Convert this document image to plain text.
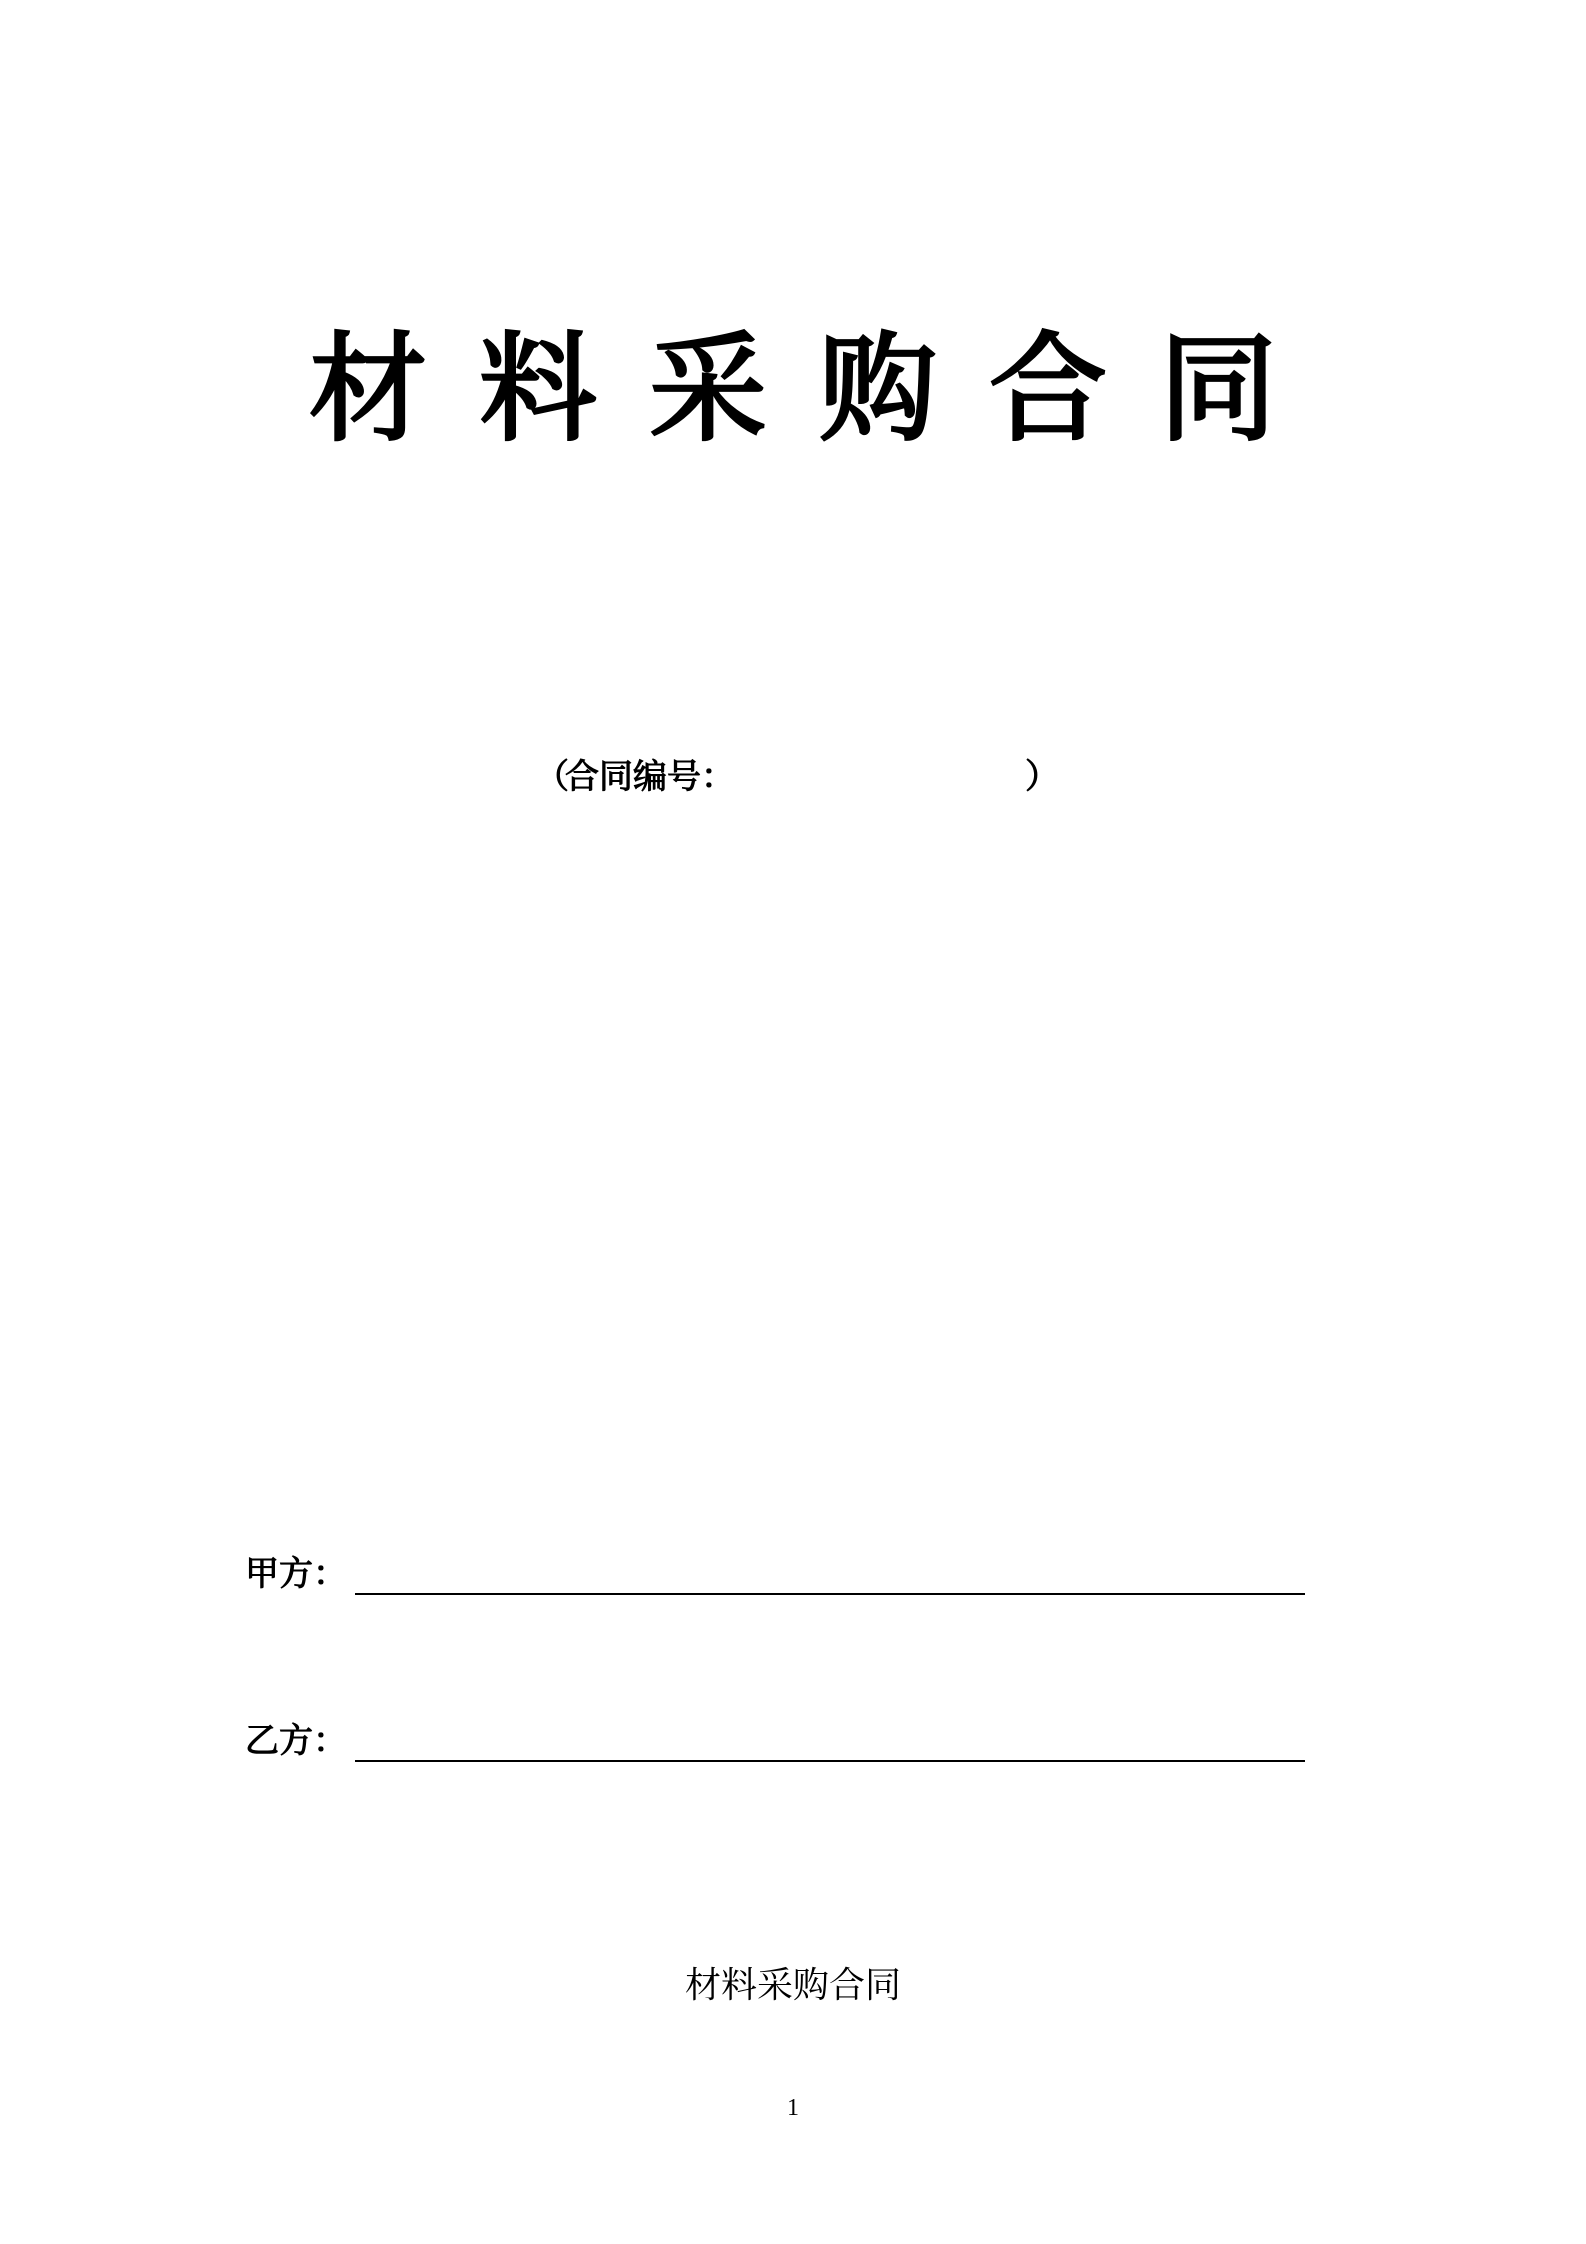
材料采购合同
（
合同编号：	）
甲方：
乙方：
材料采购合同
1
